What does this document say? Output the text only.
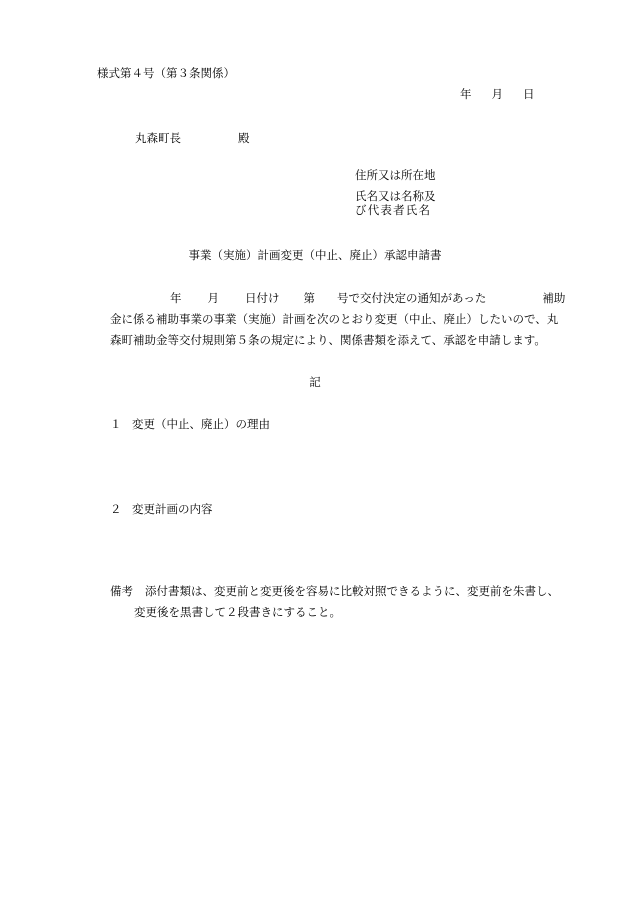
様式第４号（第３条関係）
年 月 日
丸森町長	殿
住所又は所在地
氏名又は名称及
び代表者氏名
事業（実施）計画変更（中止、廃止）承認申請書
年 月 日付け 第 号で交付決定の通知があった	補助
金に係る補助事業の事業（実施）計画を次のとおり変更（中止、廃止）したいので、丸
森町補助金等交付規則第５条の規定により、関係書類を添えて、承認を申請します。
記
１ 変更（中止、廃止）の理由
２ 変更計画の内容
備考 添付書類は、変更前と変更後を容易に比較対照できるように、変更前を朱書し、
変更後を黒書して２段書きにすること。
